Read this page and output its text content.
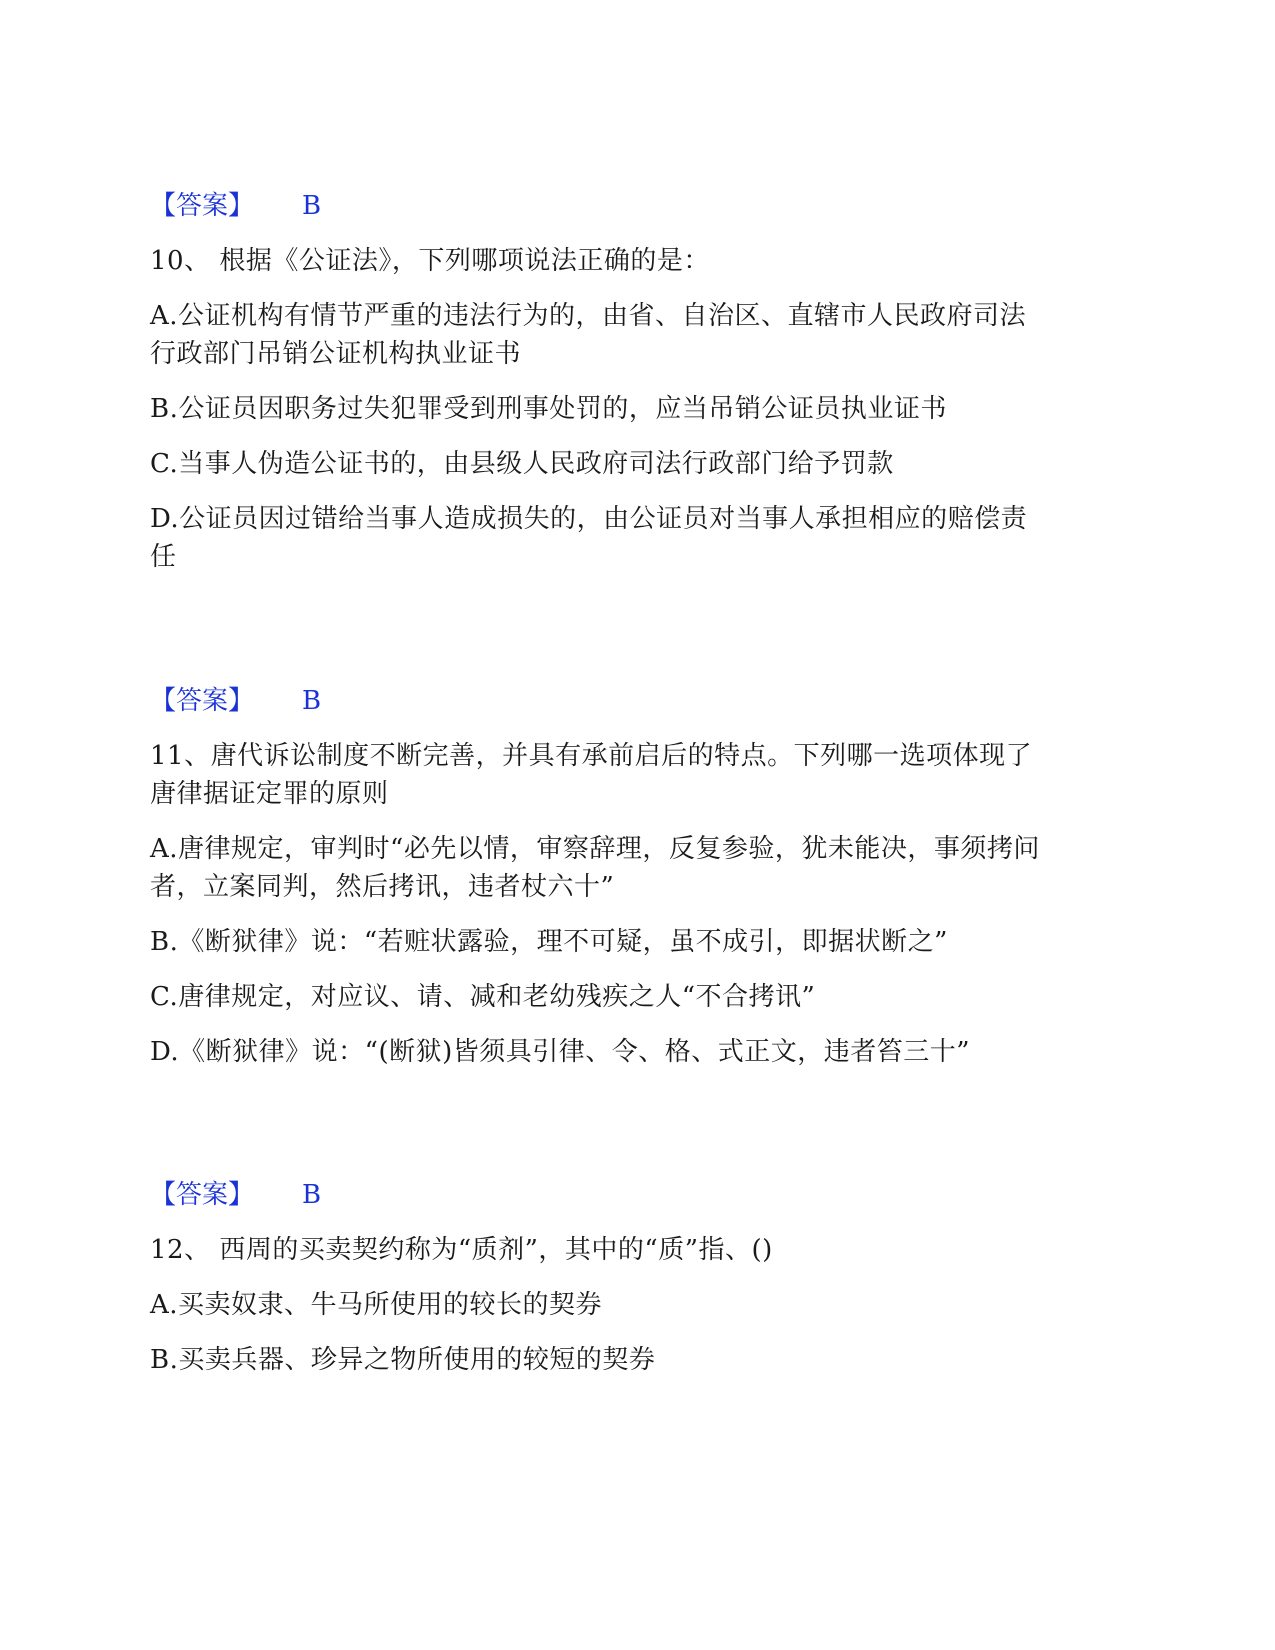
【答案】 B
10、 根据《公证法》，下列哪项说法正确的是：
A.公证机构有情节严重的违法行为的，由省、自治区、直辖市人民政府司法
行政部门吊销公证机构执业证书
B.公证员因职务过失犯罪受到刑事处罚的，应当吊销公证员执业证书
C.当事人伪造公证书的，由县级人民政府司法行政部门给予罚款
D.公证员因过错给当事人造成损失的，由公证员对当事人承担相应的赔偿责
任
【答案】 B
11、唐代诉讼制度不断完善，并具有承前启后的特点。下列哪一选项体现了
唐律据证定罪的原则
A.唐律规定，审判时“必先以情，审察辞理，反复参验，犹未能决，事须拷问
者，立案同判，然后拷讯，违者杖六十”
B.《断狱律》说：“若赃状露验，理不可疑，虽不成引，即据状断之”
C.唐律规定，对应议、请、减和老幼残疾之人“不合拷讯”
D.《断狱律》说：“(断狱)皆须具引律、令、格、式正文，违者笞三十”
【答案】 B
12、 西周的买卖契约称为“质剂”，其中的“质”指、()
A.买卖奴隶、牛马所使用的较长的契券
B.买卖兵器、珍异之物所使用的较短的契券
